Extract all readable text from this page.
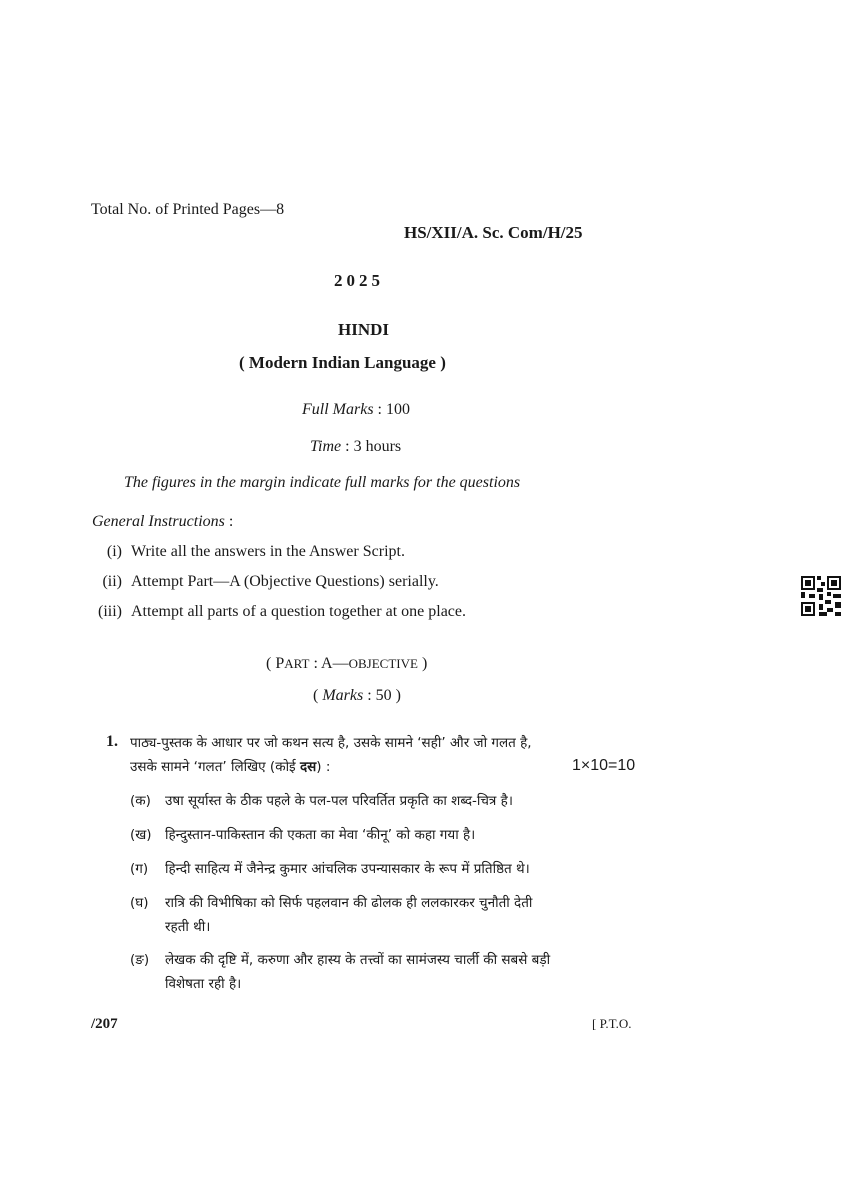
Total No. of Printed Pages—8
HS/XII/A. Sc. Com/H/25
2025
HINDI
( Modern Indian Language )
Full Marks : 100
Time : 3 hours
The figures in the margin indicate full marks for the questions
General Instructions :
(i) Write all the answers in the Answer Script.
(ii) Attempt Part—A (Objective Questions) serially.
(iii) Attempt all parts of a question together at one place.
( PART : A—OBJECTIVE )
( Marks : 50 )
1. पाठ्य-पुस्तक के आधार पर जो कथन सत्य है, उसके सामने ‘सही’ और जो गलत है,
उसके सामने ‘गलत’ लिखिए (कोई दस) :	1×10=10
(क) उषा सूर्यास्त के ठीक पहले के पल-पल परिवर्तित प्रकृति का शब्द-चित्र है।
(ख) हिन्दुस्तान-पाकिस्तान की एकता का मेवा ‘कीनू’ को कहा गया है।
(ग) हिन्दी साहित्य में जैनेन्द्र कुमार आंचलिक उपन्यासकार के रूप में प्रतिष्ठित थे।
(घ) रात्रि की विभीषिका को सिर्फ पहलवान की ढोलक ही ललकारकर चुनौती देती
रहती थी।
(ङ) लेखक की दृष्टि में, करुणा और हास्य के तत्त्वों का सामंजस्य चार्ली की सबसे बड़ी
विशेषता रही है।
/207	[ P.T.O.
